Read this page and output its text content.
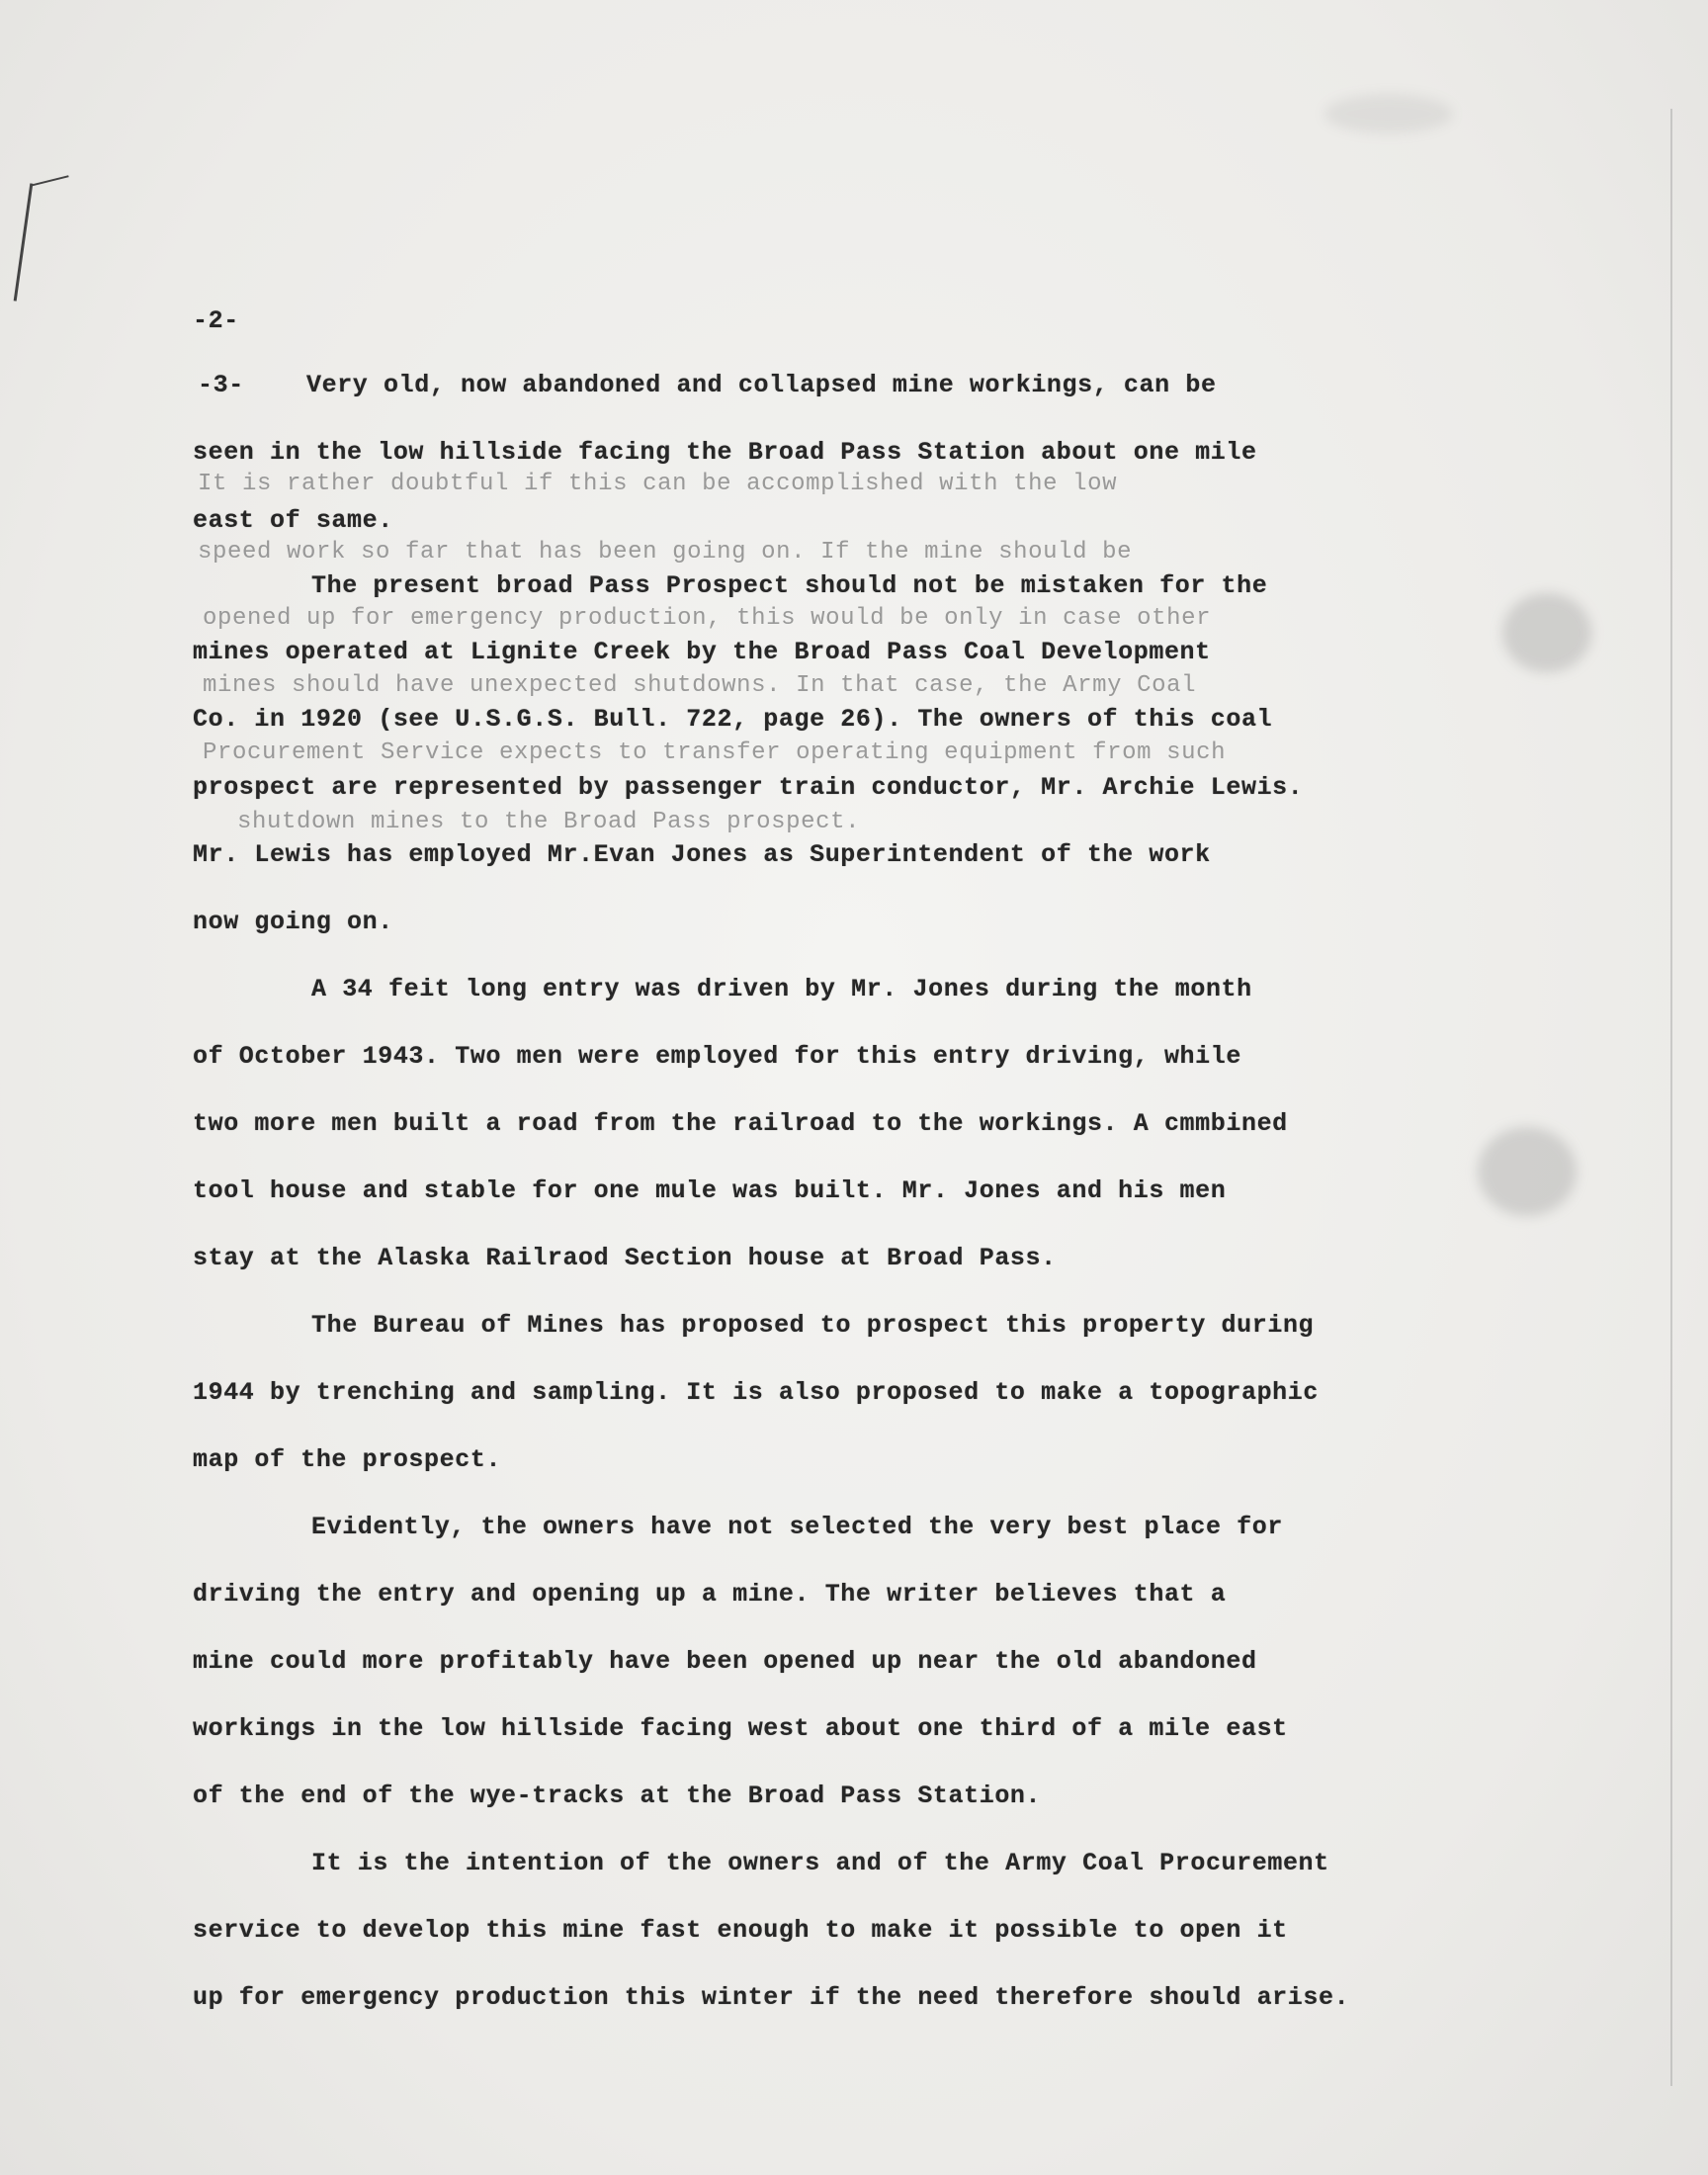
It is rather doubtful if this can be accomplished with the low
speed work so far that has been going on. If the mine should be
opened up for emergency production, this would be only in case other
mines should have unexpected shutdowns. In that case, the Army Coal
Procurement Service expects to transfer operating equipment from such
shutdown mines to the Broad Pass prospect.
-2-
-3-	Very old, now abandoned and collapsed mine workings, can be
seen in the low hillside facing the Broad Pass Station about one mile
east of same.
The present broad Pass Prospect should not be mistaken for the
mines operated at Lignite Creek by the Broad Pass Coal Development
Co. in 1920 (see U.S.G.S. Bull. 722, page 26). The owners of this coal
prospect are represented by passenger train conductor, Mr. Archie Lewis.
Mr. Lewis has employed Mr.Evan Jones as Superintendent of the work
now going on.
A 34 feit long entry was driven by Mr. Jones during the month
of October 1943. Two men were employed for this entry driving, while
two more men built a road from the railroad to the workings. A cmmbined
tool house and stable for one mule was built. Mr. Jones and his men
stay at the Alaska Railraod Section house at Broad Pass.
The Bureau of Mines has proposed to prospect this property during
1944 by trenching and sampling. It is also proposed to make a topographic
map of the prospect.
Evidently, the owners have not selected the very best place for
driving the entry and opening up a mine. The writer believes that a
mine could more profitably have been opened up near the old abandoned
workings in the low hillside facing west about one third of a mile east
of the end of the wye-tracks at the Broad Pass Station.
It is the intention of the owners and of the Army Coal Procurement
service to develop this mine fast enough to make it possible to open it
up for emergency production this winter if the need therefore should arise.
